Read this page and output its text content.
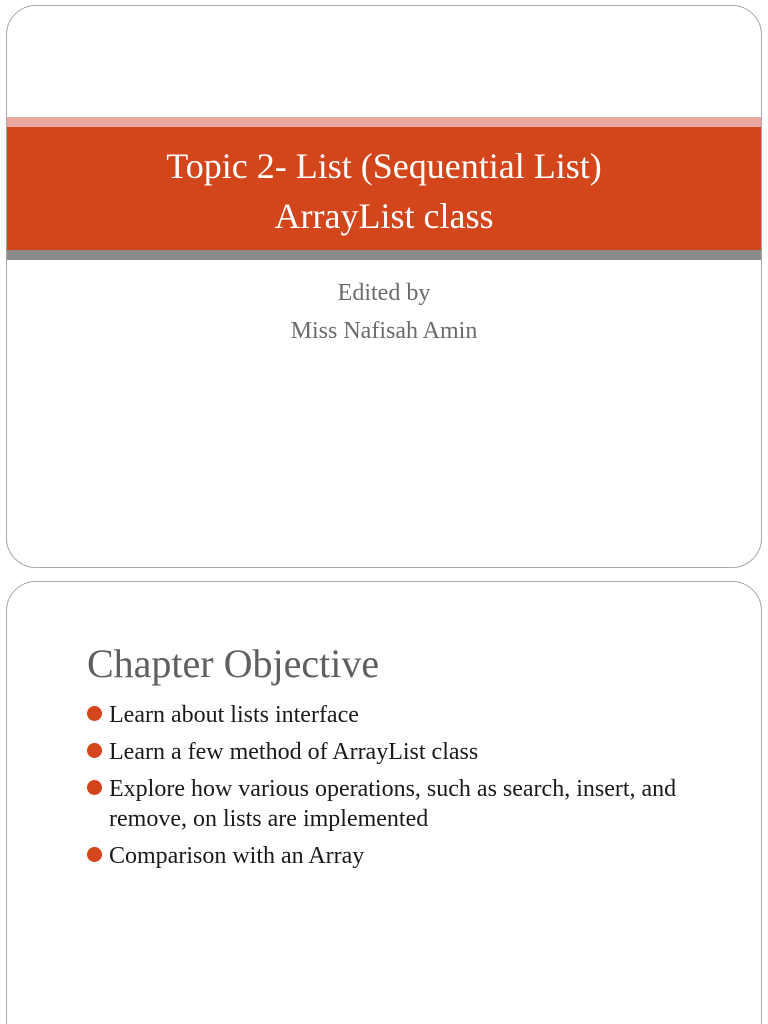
Topic 2- List (Sequential List)
ArrayList class
Edited by
Miss Nafisah Amin
Chapter Objective
Learn about lists interface
Learn a few method of ArrayList class
Explore how various operations, such as search, insert, and remove, on lists are implemented
Comparison with an Array
